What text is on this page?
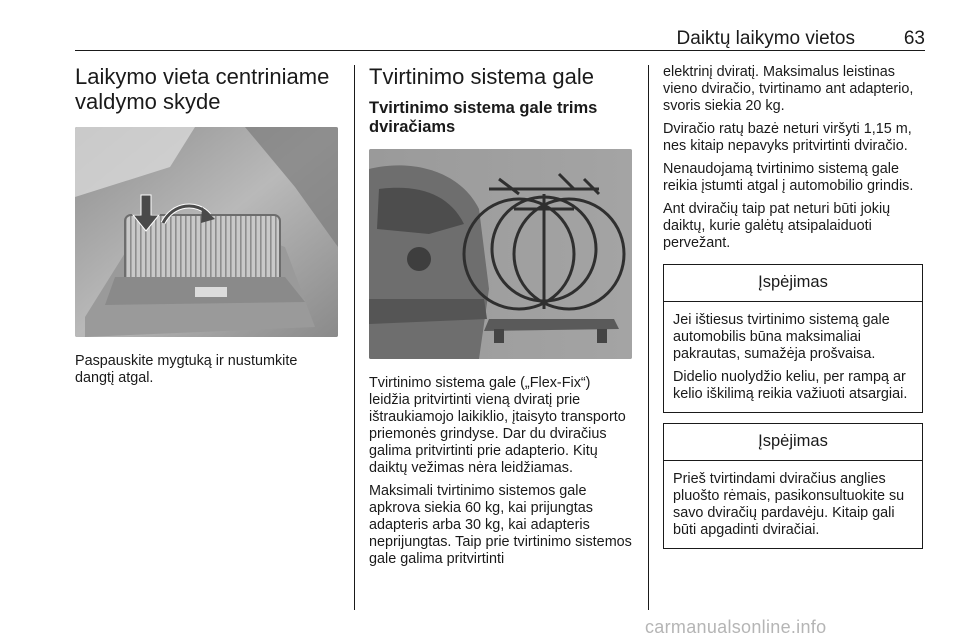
Daiktų laikymo vietos	63
Laikymo vieta centriniame valdymo skyde

Paspauskite mygtuką ir nustumkite dangtį atgal.

Tvirtinimo sistema gale
Tvirtinimo sistema gale trims dviračiams

Tvirtinimo sistema gale („Flex-Fix“) leidžia pritvirtinti vieną dviratį prie ištraukiamojo laikiklio, įtaisyto transporto priemonės grindyse. Dar du dviračius galima pritvirtinti prie adapterio. Kitų daiktų vežimas nėra leidžiamas.

Maksimali tvirtinimo sistemos gale apkrova siekia 60 kg, kai prijungtas adapteris arba 30 kg, kai adapteris neprijungtas. Taip prie tvirtinimo sistemos gale galima pritvirtinti

elektrinį dviratį. Maksimalus leistinas vieno dviračio, tvirtinamo ant adapterio, svoris siekia 20 kg.

Dviračio ratų bazė neturi viršyti 1,15 m, nes kitaip nepavyks pritvirtinti dviračio.

Nenaudojamą tvirtinimo sistemą gale reikia įstumti atgal į automobilio grindis.

Ant dviračių taip pat neturi būti jokių daiktų, kurie galėtų atsipalaiduoti pervežant.

Įspėjimas

Jei ištiesus tvirtinimo sistemą gale automobilis būna maksimaliai pakrautas, sumažėja prošvaisa.

Didelio nuolydžio keliu, per rampą ar kelio iškilimą reikia važiuoti atsargiai.

Įspėjimas

Prieš tvirtindami dviračius anglies pluošto rėmais, pasikonsultuokite su savo dviračių pardavėju. Kitaip gali būti apgadinti dviračiai.

carmanualsonline.info
